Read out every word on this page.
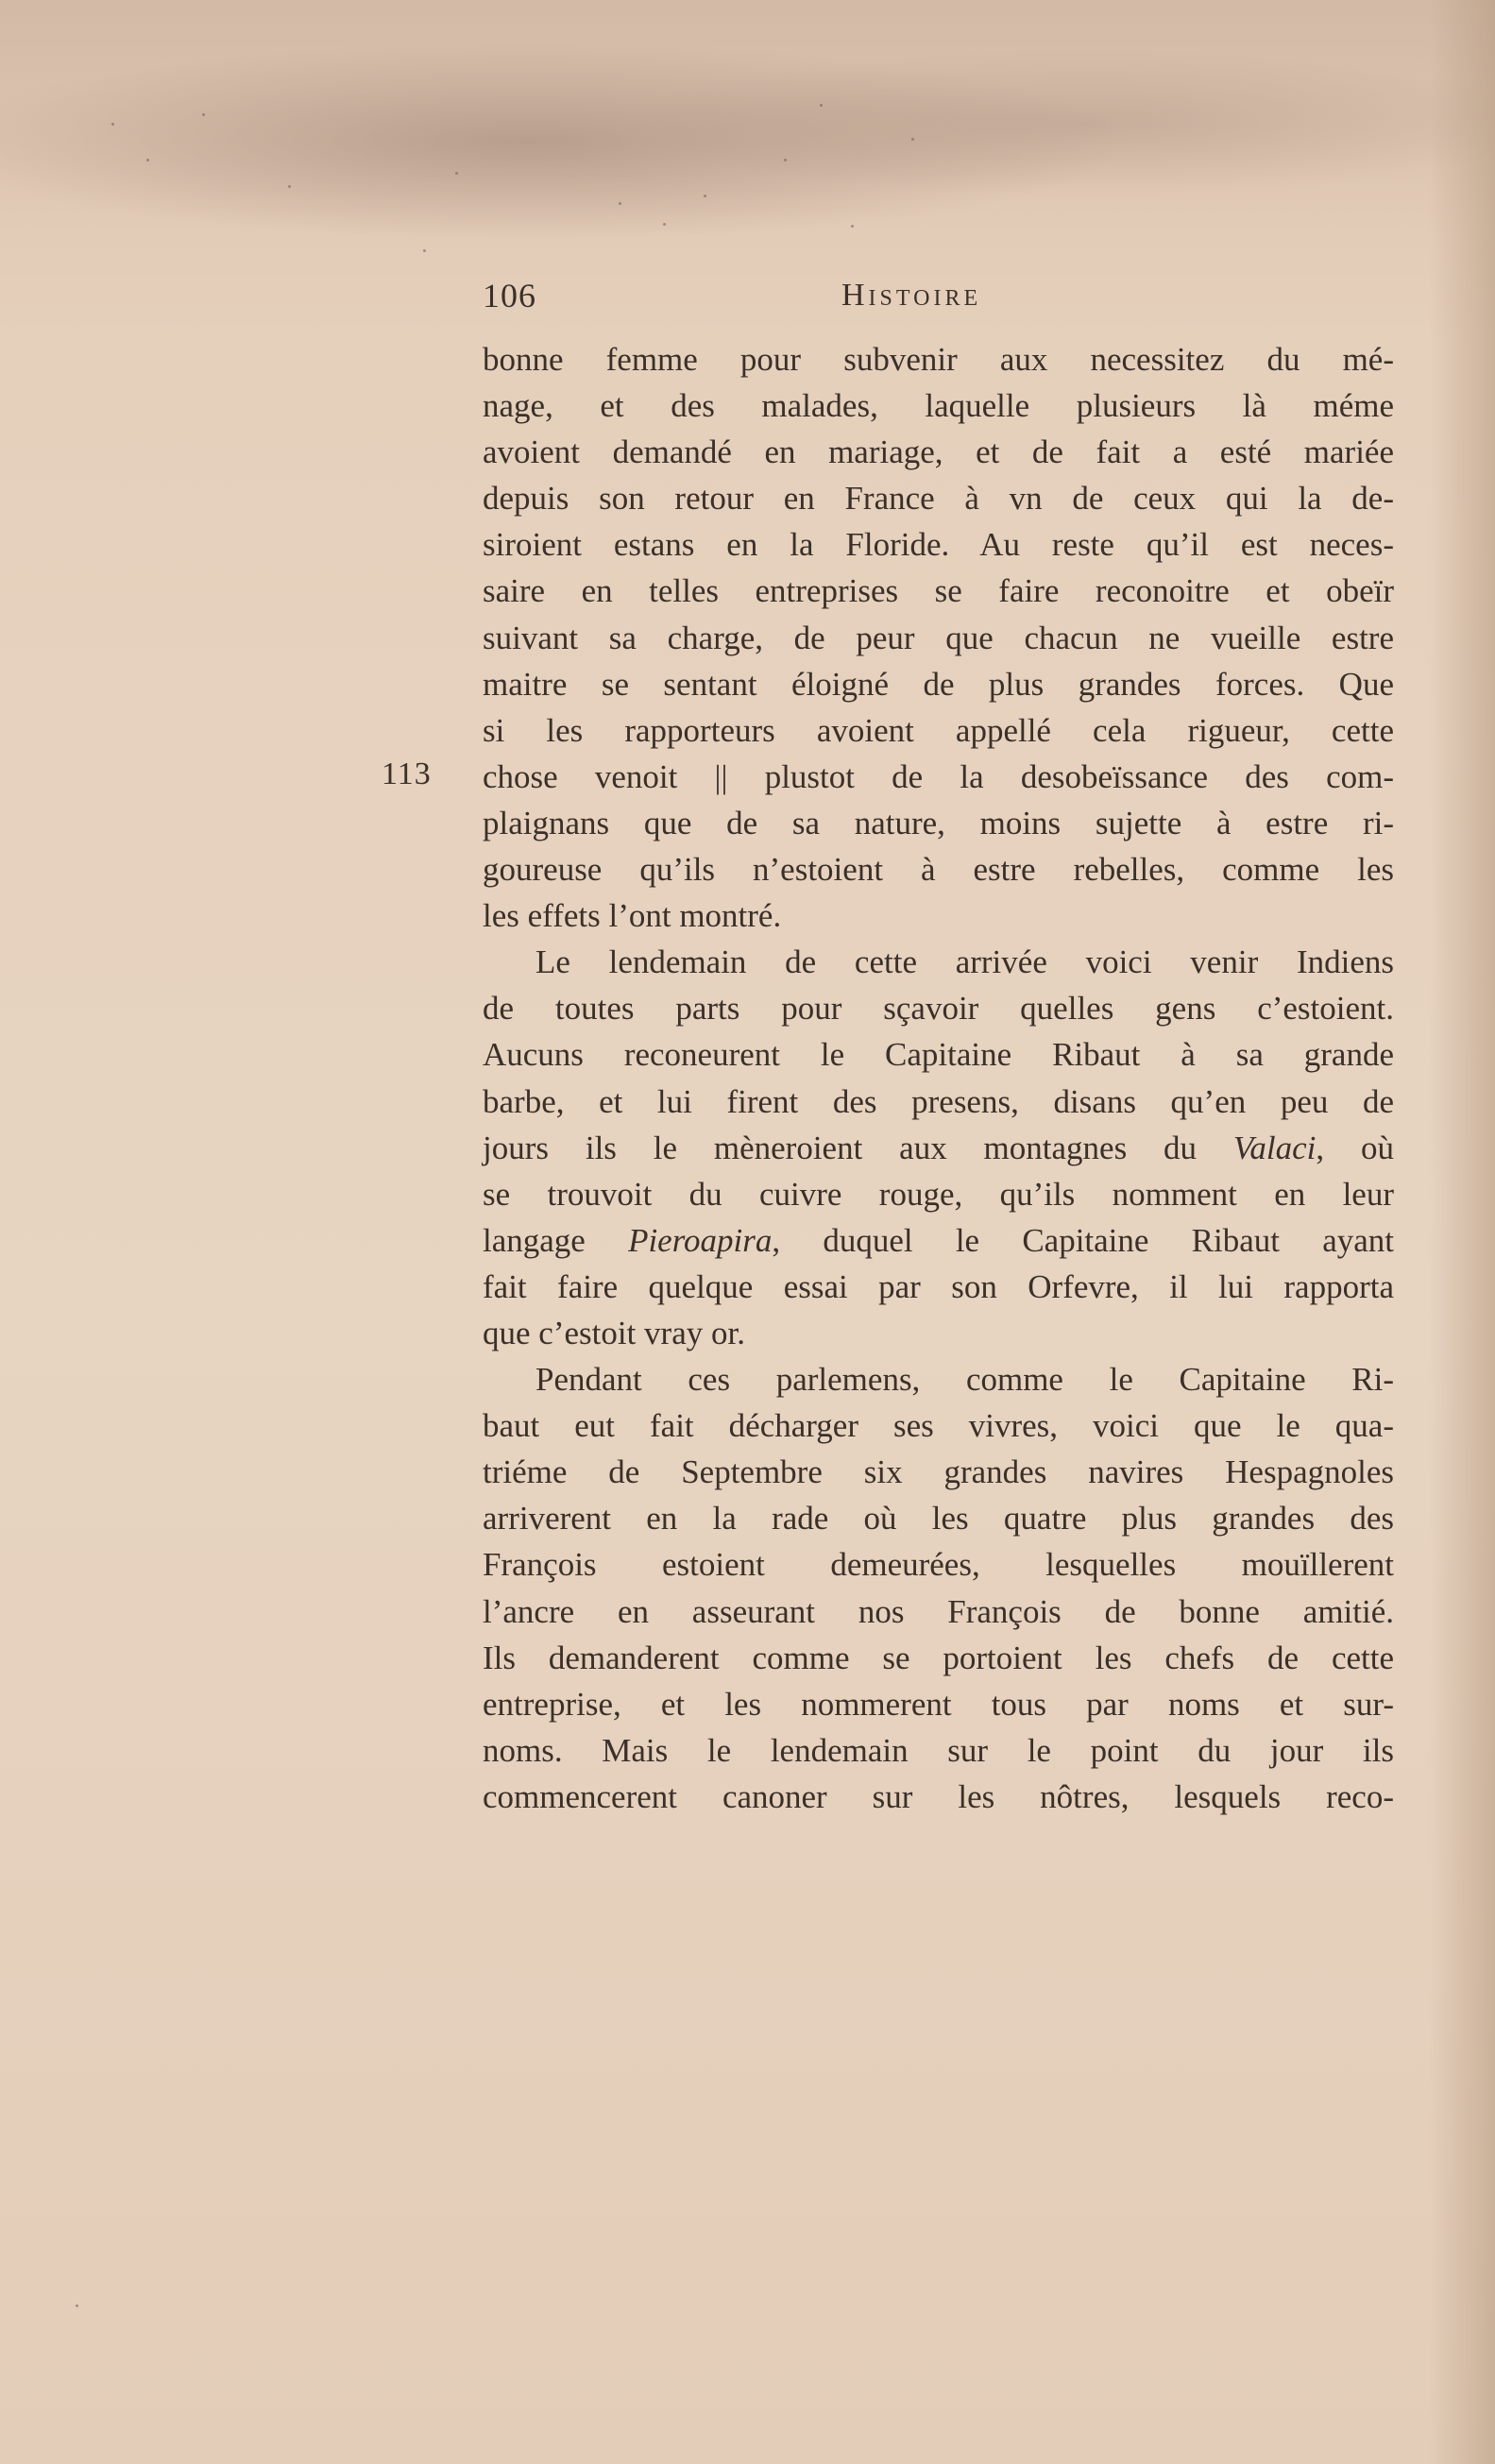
106	Histoire
113
bonne femme pour subvenir aux necessitez du mé-
nage, et des malades, laquelle plusieurs là méme
avoient demandé en mariage, et de fait a esté mariée
depuis son retour en France à vn de ceux qui la de-
siroient estans en la Floride. Au reste qu’il est neces-
saire en telles entreprises se faire reconoitre et obeïr
suivant sa charge, de peur que chacun ne vueille estre
maitre se sentant éloigné de plus grandes forces. Que
si les rapporteurs avoient appellé cela rigueur, cette
chose venoit || plustot de la desobeïssance des com-
plaignans que de sa nature, moins sujette à estre ri-
goureuse qu’ils n’estoient à estre rebelles, comme les
les effets l’ont montré.
Le lendemain de cette arrivée voici venir Indiens
de toutes parts pour sçavoir quelles gens c’estoient.
Aucuns reconeurent le Capitaine Ribaut à sa grande
barbe, et lui firent des presens, disans qu’en peu de
jours ils le mèneroient aux montagnes du Valaci, où
se trouvoit du cuivre rouge, qu’ils nomment en leur
langage Pieroapira, duquel le Capitaine Ribaut ayant
fait faire quelque essai par son Orfevre, il lui rapporta
que c’estoit vray or.
Pendant ces parlemens, comme le Capitaine Ri-
baut eut fait décharger ses vivres, voici que le qua-
triéme de Septembre six grandes navires Hespagnoles
arriverent en la rade où les quatre plus grandes des
François estoient demeurées, lesquelles mouïllerent
l’ancre en asseurant nos François de bonne amitié.
Ils demanderent comme se portoient les chefs de cette
entreprise, et les nommerent tous par noms et sur-
noms. Mais le lendemain sur le point du jour ils
commencerent canoner sur les nôtres, lesquels reco-
